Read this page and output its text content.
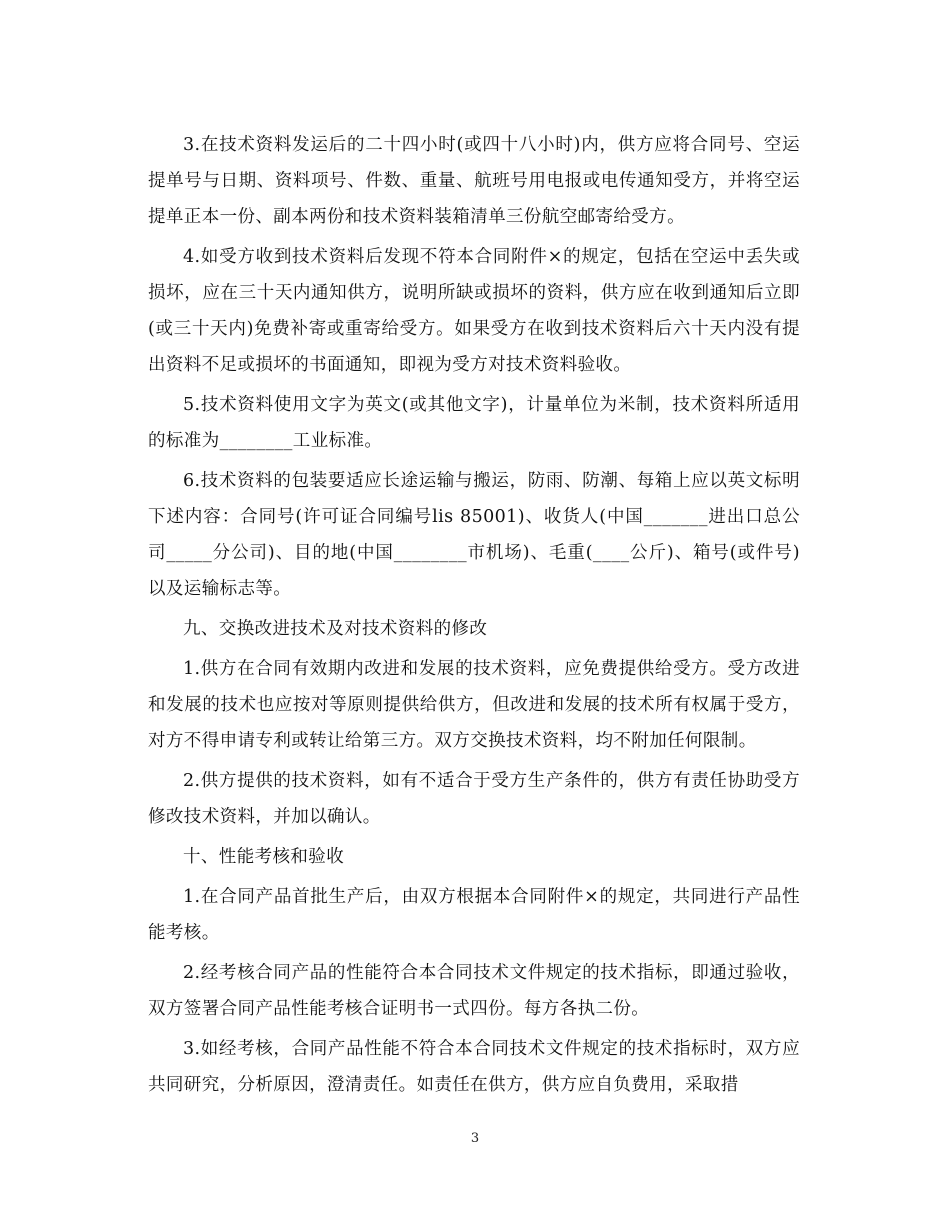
3.在技术资料发运后的二十四小时(或四十八小时)内，供方应将合同号、空运提单号与日期、资料项号、件数、重量、航班号用电报或电传通知受方，并将空运提单正本一份、副本两份和技术资料装箱清单三份航空邮寄给受方。

4.如受方收到技术资料后发现不符本合同附件×的规定，包括在空运中丢失或损坏，应在三十天内通知供方，说明所缺或损坏的资料，供方应在收到通知后立即(或三十天内)免费补寄或重寄给受方。如果受方在收到技术资料后六十天内没有提出资料不足或损坏的书面通知，即视为受方对技术资料验收。

5.技术资料使用文字为英文(或其他文字)，计量单位为米制，技术资料所适用的标准为________工业标准。

6.技术资料的包装要适应长途运输与搬运，防雨、防潮、每箱上应以英文标明下述内容：合同号(许可证合同编号lis 85001)、收货人(中国_______进出口总公司_____分公司)、目的地(中国________市机场)、毛重(____公斤)、箱号(或件号)以及运输标志等。

九、交换改进技术及对技术资料的修改

1.供方在合同有效期内改进和发展的技术资料，应免费提供给受方。受方改进和发展的技术也应按对等原则提供给供方，但改进和发展的技术所有权属于受方，对方不得申请专利或转让给第三方。双方交换技术资料，均不附加任何限制。

2.供方提供的技术资料，如有不适合于受方生产条件的，供方有责任协助受方修改技术资料，并加以确认。

十、性能考核和验收

1.在合同产品首批生产后，由双方根据本合同附件×的规定，共同进行产品性能考核。

2.经考核合同产品的性能符合本合同技术文件规定的技术指标，即通过验收，双方签署合同产品性能考核合证明书一式四份。每方各执二份。

3.如经考核，合同产品性能不符合本合同技术文件规定的技术指标时，双方应共同研究，分析原因，澄清责任。如责任在供方，供方应自负费用，采取措

3
